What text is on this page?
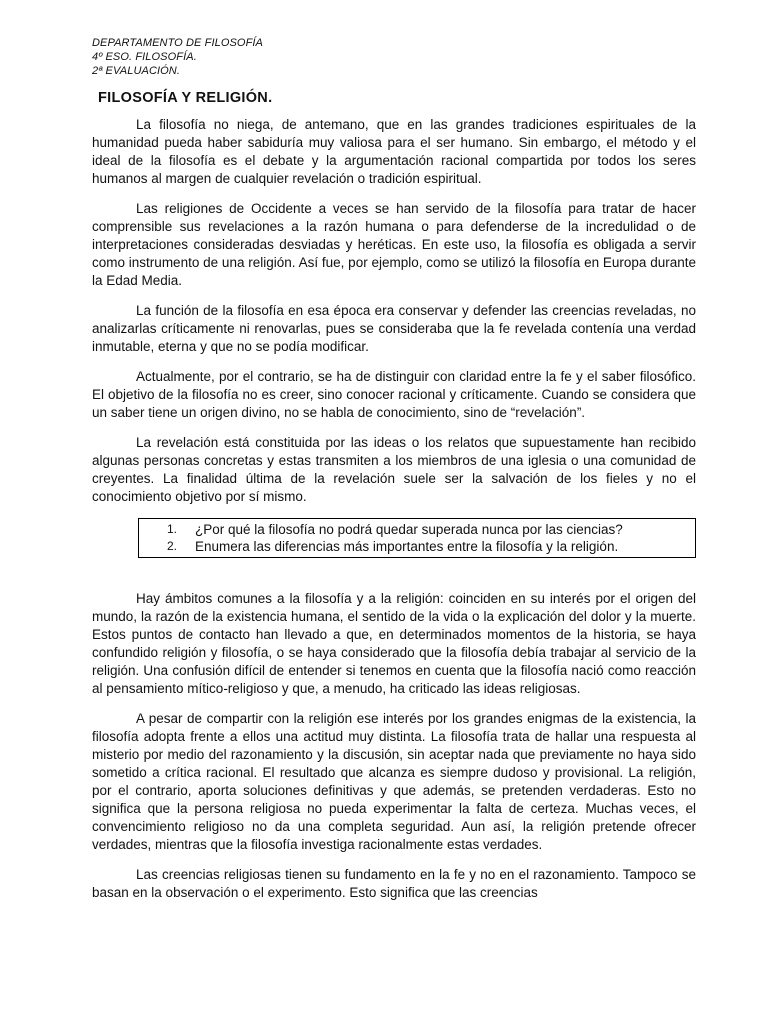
DEPARTAMENTO DE FILOSOFÍA
4º ESO. FILOSOFÍA.
2ª EVALUACIÓN.
FILOSOFÍA Y RELIGIÓN.

La filosofía no niega, de antemano, que en las grandes tradiciones espirituales de la humanidad pueda haber sabiduría muy valiosa para el ser humano. Sin embargo, el método y el ideal de la filosofía es el debate y la argumentación racional compartida por todos los seres humanos al margen de cualquier revelación o tradición espiritual.

Las religiones de Occidente a veces se han servido de la filosofía para tratar de hacer comprensible sus revelaciones a la razón humana o para defenderse de la incredulidad o de interpretaciones consideradas desviadas y heréticas. En este uso, la filosofía es obligada a servir como instrumento de una religión. Así fue, por ejemplo, como se utilizó la filosofía en Europa durante la Edad Media.

La función de la filosofía en esa época era conservar y defender las creencias reveladas, no analizarlas críticamente ni renovarlas, pues se consideraba que la fe revelada contenía una verdad inmutable, eterna y que no se podía modificar.

Actualmente, por el contrario, se ha de distinguir con claridad entre la fe y el saber filosófico. El objetivo de la filosofía no es creer, sino conocer racional y críticamente. Cuando se considera que un saber tiene un origen divino, no se habla de conocimiento, sino de “revelación”.

La revelación está constituida por las ideas o los relatos que supuestamente han recibido algunas personas concretas y estas transmiten a los miembros de una iglesia o una comunidad de creyentes. La finalidad última de la revelación suele ser la salvación de los fieles y no el conocimiento objetivo por sí mismo.

1.	¿Por qué la filosofía no podrá quedar superada nunca por las ciencias?
2.	Enumera las diferencias más importantes entre la filosofía y la religión.

Hay ámbitos comunes a la filosofía y a la religión: coinciden en su interés por el origen del mundo, la razón de la existencia humana, el sentido de la vida o la explicación del dolor y la muerte. Estos puntos de contacto han llevado a que, en determinados momentos de la historia, se haya confundido religión y filosofía, o se haya considerado que la filosofía debía trabajar al servicio de la religión. Una confusión difícil de entender si tenemos en cuenta que la filosofía nació como reacción al pensamiento mítico-religioso y que, a menudo, ha criticado las ideas religiosas.

A pesar de compartir con la religión ese interés por los grandes enigmas de la existencia, la filosofía adopta frente a ellos una actitud muy distinta. La filosofía trata de hallar una respuesta al misterio por medio del razonamiento y la discusión, sin aceptar nada que previamente no haya sido sometido a crítica racional. El resultado que alcanza es siempre dudoso y provisional. La religión, por el contrario, aporta soluciones definitivas y que además, se pretenden verdaderas. Esto no significa que la persona religiosa no pueda experimentar la falta de certeza. Muchas veces, el convencimiento religioso no da una completa seguridad. Aun así, la religión pretende ofrecer verdades, mientras que la filosofía investiga racionalmente estas verdades.

Las creencias religiosas tienen su fundamento en la fe y no en el razonamiento. Tampoco se basan en la observación o el experimento. Esto significa que las creencias
